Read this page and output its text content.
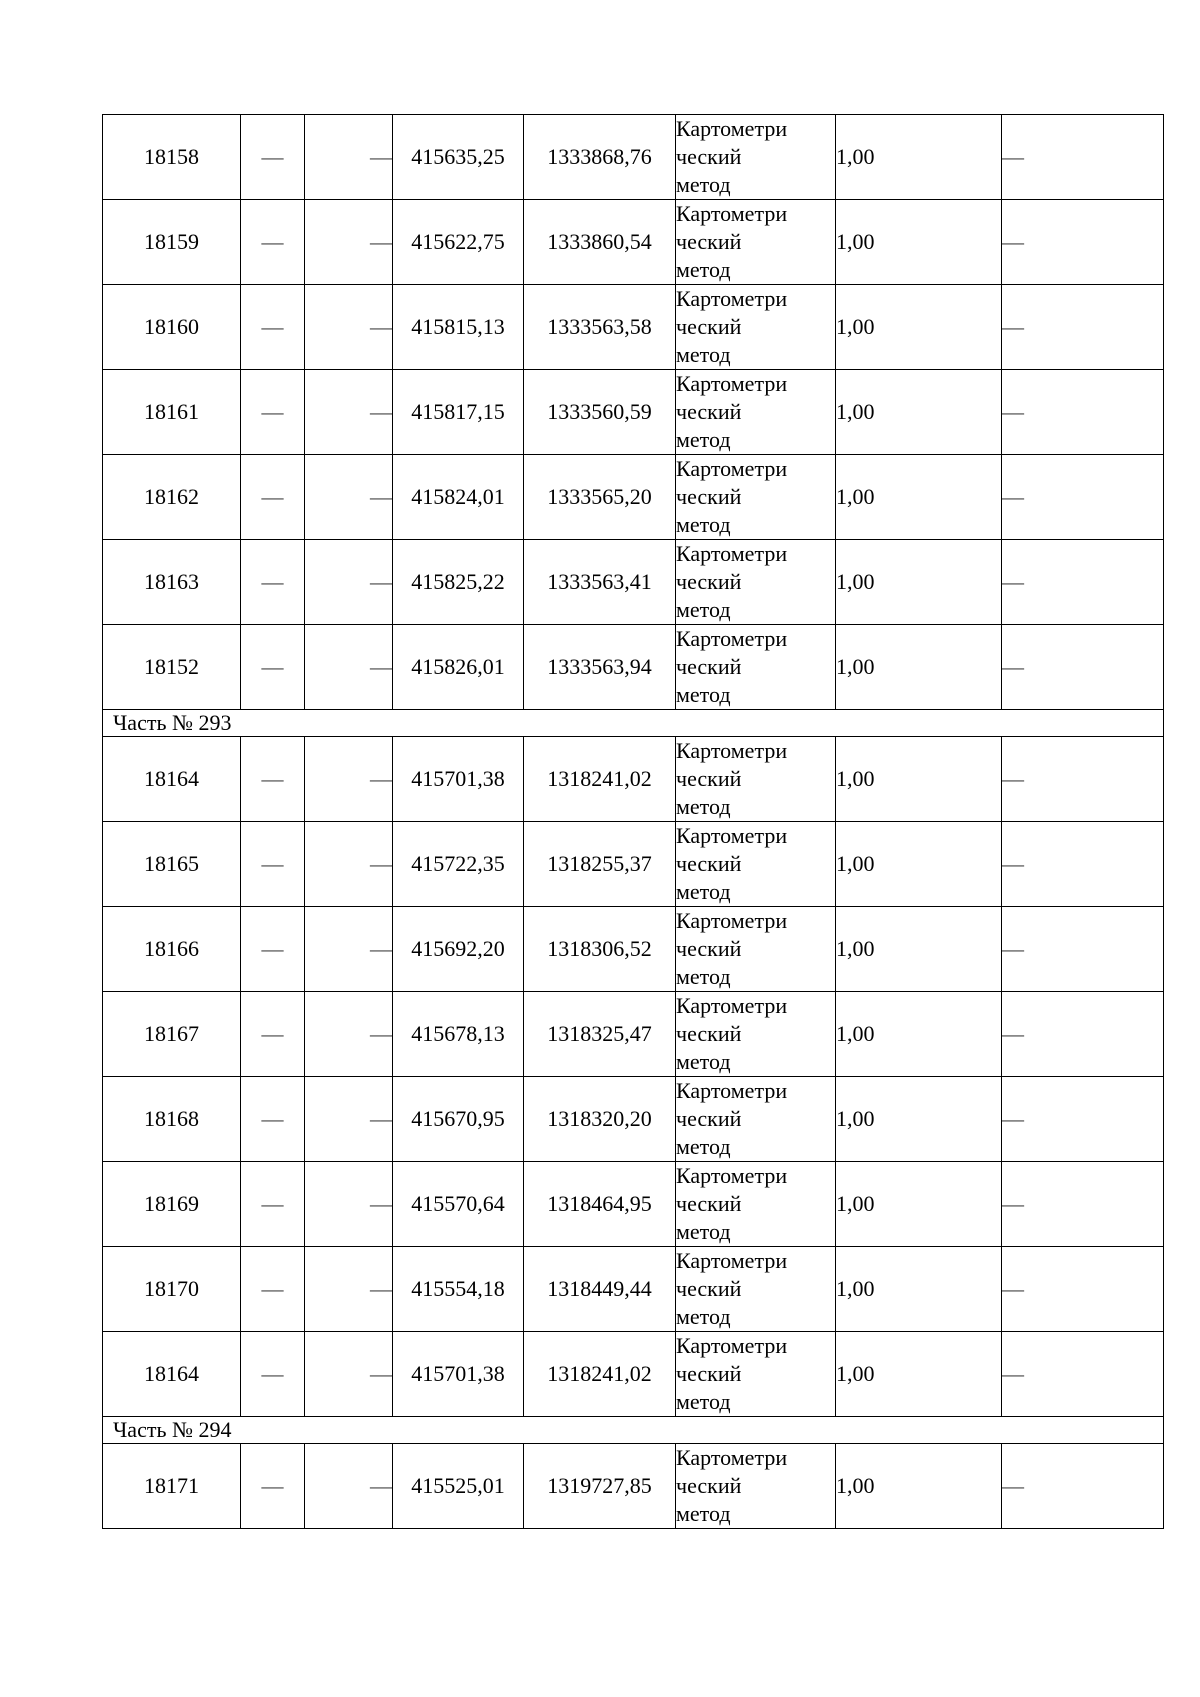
18158	—	—	415635,25	1333868,76	Картометри
ческий
метод	1,00	—
18159	—	—	415622,75	1333860,54	Картометри
ческий
метод	1,00	—
18160	—	—	415815,13	1333563,58	Картометри
ческий
метод	1,00	—
18161	—	—	415817,15	1333560,59	Картометри
ческий
метод	1,00	—
18162	—	—	415824,01	1333565,20	Картометри
ческий
метод	1,00	—
18163	—	—	415825,22	1333563,41	Картометри
ческий
метод	1,00	—
18152	—	—	415826,01	1333563,94	Картометри
ческий
метод	1,00	—
Часть № 293							
18164	—	—	415701,38	1318241,02	Картометри
ческий
метод	1,00	—
18165	—	—	415722,35	1318255,37	Картометри
ческий
метод	1,00	—
18166	—	—	415692,20	1318306,52	Картометри
ческий
метод	1,00	—
18167	—	—	415678,13	1318325,47	Картометри
ческий
метод	1,00	—
18168	—	—	415670,95	1318320,20	Картометри
ческий
метод	1,00	—
18169	—	—	415570,64	1318464,95	Картометри
ческий
метод	1,00	—
18170	—	—	415554,18	1318449,44	Картометри
ческий
метод	1,00	—
18164	—	—	415701,38	1318241,02	Картометри
ческий
метод	1,00	—
Часть № 294							
18171	—	—	415525,01	1319727,85	Картометри
ческий
метод	1,00	—
